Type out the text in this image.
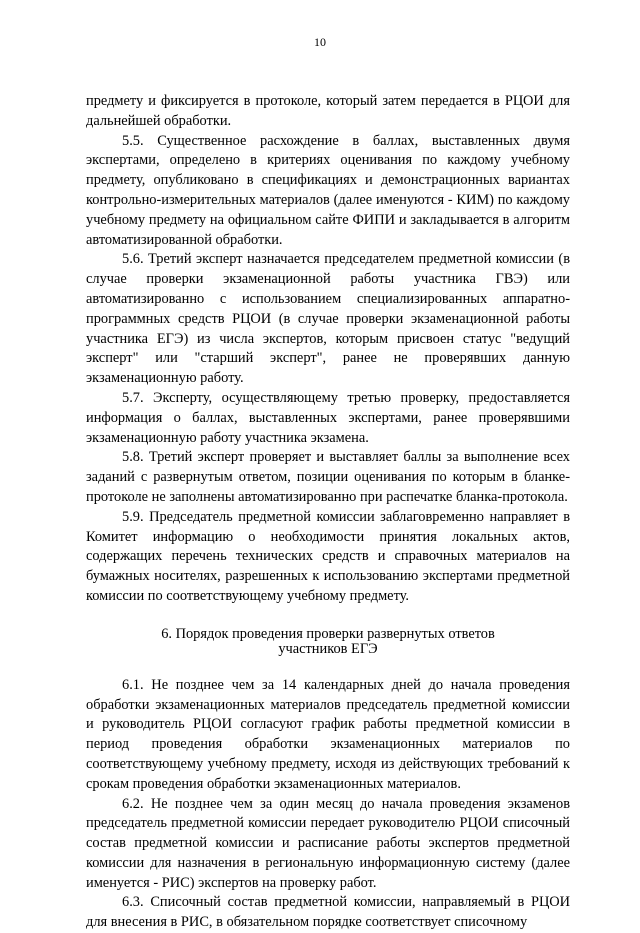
10

предмету и фиксируется в протоколе, который затем передается в РЦОИ для дальнейшей обработки.

5.5. Существенное расхождение в баллах, выставленных двумя экспертами, определено в критериях оценивания по каждому учебному предмету, опубликовано в спецификациях и демонстрационных вариантах контрольно-измерительных материалов (далее именуются - КИМ) по каждому учебному предмету на официальном сайте ФИПИ и закладывается в алгоритм автоматизированной обработки.

5.6. Третий эксперт назначается председателем предметной комиссии (в случае проверки экзаменационной работы участника ГВЭ) или автоматизированно с использованием специализированных аппаратно-программных средств РЦОИ (в случае проверки экзаменационной работы участника ЕГЭ) из числа экспертов, которым присвоен статус "ведущий эксперт" или "старший эксперт", ранее не проверявших данную экзаменационную работу.

5.7. Эксперту, осуществляющему третью проверку, предоставляется информация о баллах, выставленных экспертами, ранее проверявшими экзаменационную работу участника экзамена.

5.8. Третий эксперт проверяет и выставляет баллы за выполнение всех заданий с развернутым ответом, позиции оценивания по которым в бланке-протоколе не заполнены автоматизированно при распечатке бланка-протокола.

5.9. Председатель предметной комиссии заблаговременно направляет в Комитет информацию о необходимости принятия локальных актов, содержащих перечень технических средств и справочных материалов на бумажных носителях, разрешенных к использованию экспертами предметной комиссии по соответствующему учебному предмету.

6. Порядок проведения проверки развернутых ответов
участников ЕГЭ

6.1. Не позднее чем за 14 календарных дней до начала проведения обработки экзаменационных материалов председатель предметной комиссии и руководитель РЦОИ согласуют график работы предметной комиссии в период проведения обработки экзаменационных материалов по соответствующему учебному предмету, исходя из действующих требований к срокам проведения обработки экзаменационных материалов.

6.2. Не позднее чем за один месяц до начала проведения экзаменов председатель предметной комиссии передает руководителю РЦОИ списочный состав предметной комиссии и расписание работы экспертов предметной комиссии для назначения в региональную информационную систему (далее именуется - РИС) экспертов на проверку работ.

6.3. Списочный состав предметной комиссии, направляемый в РЦОИ для внесения в РИС, в обязательном порядке соответствует списочному
